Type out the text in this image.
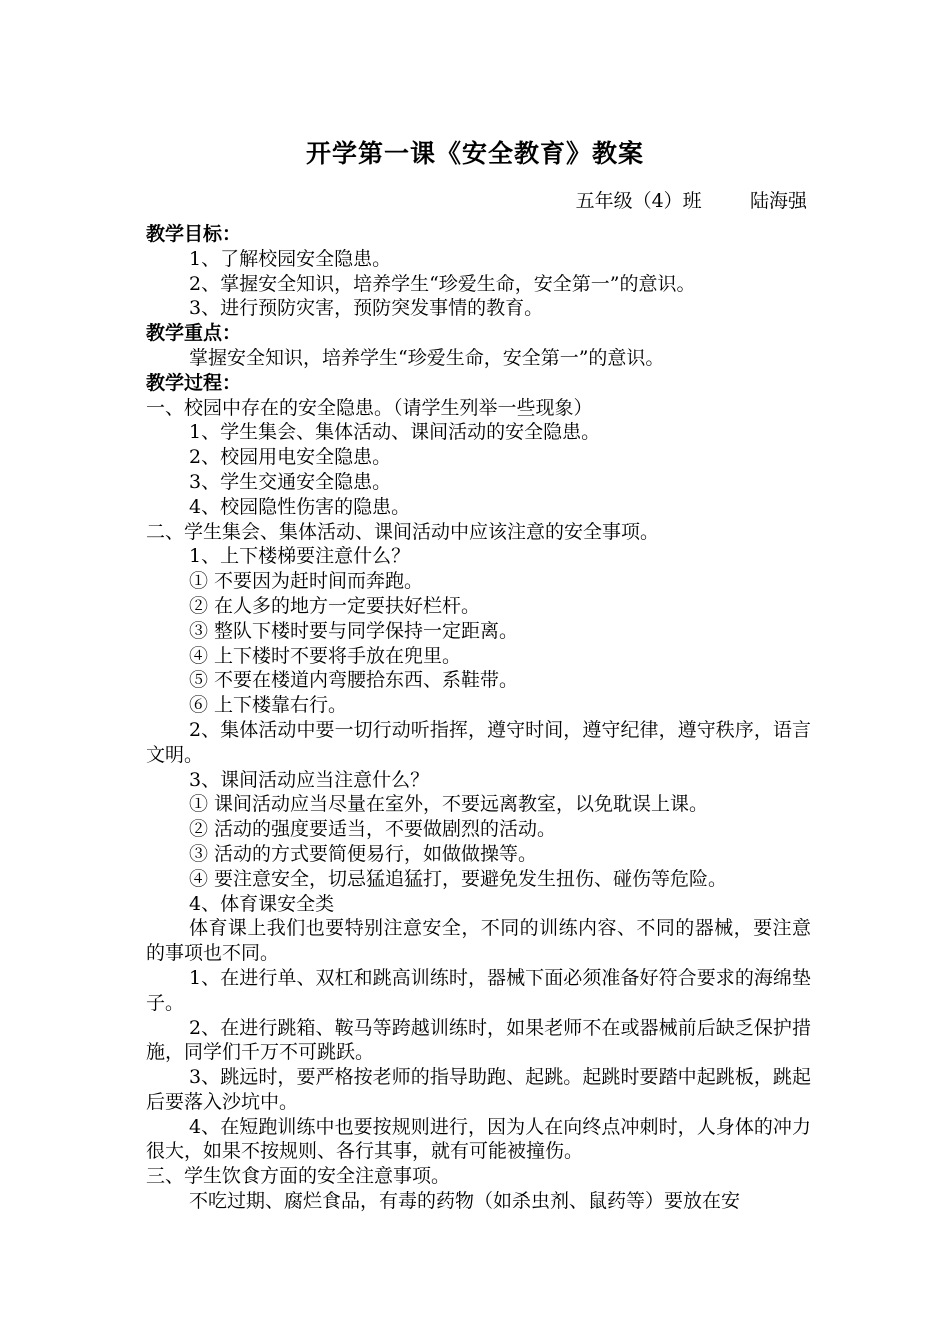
开学第一课《安全教育》教案
五年级（4）班        陆海强
教学目标：
1、了解校园安全隐患。
2、掌握安全知识，培养学生“珍爱生命，安全第一”的意识。
3、进行预防灾害，预防突发事情的教育。
教学重点：
掌握安全知识，培养学生“珍爱生命，安全第一”的意识。
教学过程：
一、校园中存在的安全隐患。（请学生列举一些现象）
1、学生集会、集体活动、课间活动的安全隐患。
2、校园用电安全隐患。
3、学生交通安全隐患。
4、校园隐性伤害的隐患。
二、学生集会、集体活动、课间活动中应该注意的安全事项。
1、上下楼梯要注意什么？
① 不要因为赶时间而奔跑。
② 在人多的地方一定要扶好栏杆。
③ 整队下楼时要与同学保持一定距离。
④ 上下楼时不要将手放在兜里。
⑤ 不要在楼道内弯腰拾东西、系鞋带。
⑥ 上下楼靠右行。
2、集体活动中要一切行动听指挥，遵守时间，遵守纪律，遵守秩序，语言文明。
3、课间活动应当注意什么？
① 课间活动应当尽量在室外，不要远离教室，以免耽误上课。
② 活动的强度要适当，不要做剧烈的活动。
③ 活动的方式要简便易行，如做做操等。
④ 要注意安全，切忌猛追猛打，要避免发生扭伤、碰伤等危险。
4、体育课安全类
体育课上我们也要特别注意安全，不同的训练内容、不同的器械，要注意的事项也不同。
1、在进行单、双杠和跳高训练时，器械下面必须准备好符合要求的海绵垫子。
2、在进行跳箱、鞍马等跨越训练时，如果老师不在或器械前后缺乏保护措施，同学们千万不可跳跃。
3、跳远时，要严格按老师的指导助跑、起跳。起跳时要踏中起跳板，跳起后要落入沙坑中。
4、在短跑训练中也要按规则进行，因为人在向终点冲刺时，人身体的冲力很大，如果不按规则、各行其事，就有可能被撞伤。
三、学生饮食方面的安全注意事项。
不吃过期、腐烂食品，有毒的药物（如杀虫剂、鼠药等）要放在安
